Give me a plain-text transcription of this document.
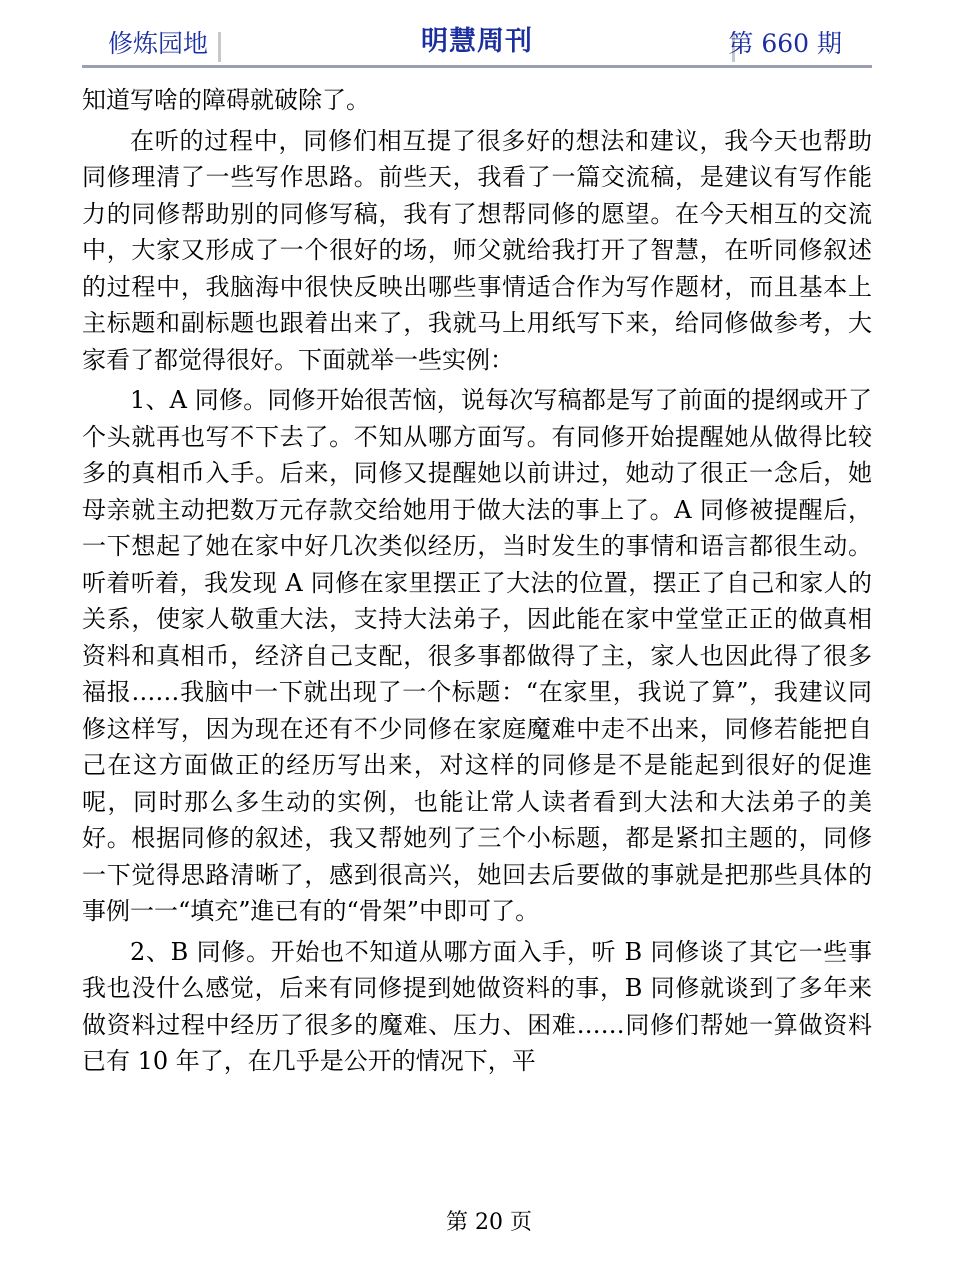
修炼园地	明慧周刊	第 660 期

知道写啥的障碍就破除了。

在听的过程中，同修们相互提了很多好的想法和建议，我今天也帮助同修理清了一些写作思路。前些天，我看了一篇交流稿，是建议有写作能力的同修帮助别的同修写稿，我有了想帮同修的愿望。在今天相互的交流中，大家又形成了一个很好的场，师父就给我打开了智慧，在听同修叙述的过程中，我脑海中很快反映出哪些事情适合作为写作题材，而且基本上主标题和副标题也跟着出来了，我就马上用纸写下来，给同修做参考，大家看了都觉得很好。下面就举一些实例：

1、A 同修。同修开始很苦恼，说每次写稿都是写了前面的提纲或开了个头就再也写不下去了。不知从哪方面写。有同修开始提醒她从做得比较多的真相币入手。后来，同修又提醒她以前讲过，她动了很正一念后，她母亲就主动把数万元存款交给她用于做大法的事上了。A 同修被提醒后，一下想起了她在家中好几次类似经历，当时发生的事情和语言都很生动。听着听着，我发现 A 同修在家里摆正了大法的位置，摆正了自己和家人的关系，使家人敬重大法，支持大法弟子，因此能在家中堂堂正正的做真相资料和真相币，经济自己支配，很多事都做得了主，家人也因此得了很多福报……我脑中一下就出现了一个标题：“在家里，我说了算”，我建议同修这样写，因为现在还有不少同修在家庭魔难中走不出来，同修若能把自己在这方面做正的经历写出来，对这样的同修是不是能起到很好的促進呢，同时那么多生动的实例，也能让常人读者看到大法和大法弟子的美好。根据同修的叙述，我又帮她列了三个小标题，都是紧扣主题的，同修一下觉得思路清晰了，感到很高兴，她回去后要做的事就是把那些具体的事例一一“填充”進已有的“骨架”中即可了。

2、B 同修。开始也不知道从哪方面入手，听 B 同修谈了其它一些事我也没什么感觉，后来有同修提到她做资料的事，B 同修就谈到了多年来做资料过程中经历了很多的魔难、压力、困难……同修们帮她一算做资料已有 10 年了，在几乎是公开的情况下，平

第 20 页
